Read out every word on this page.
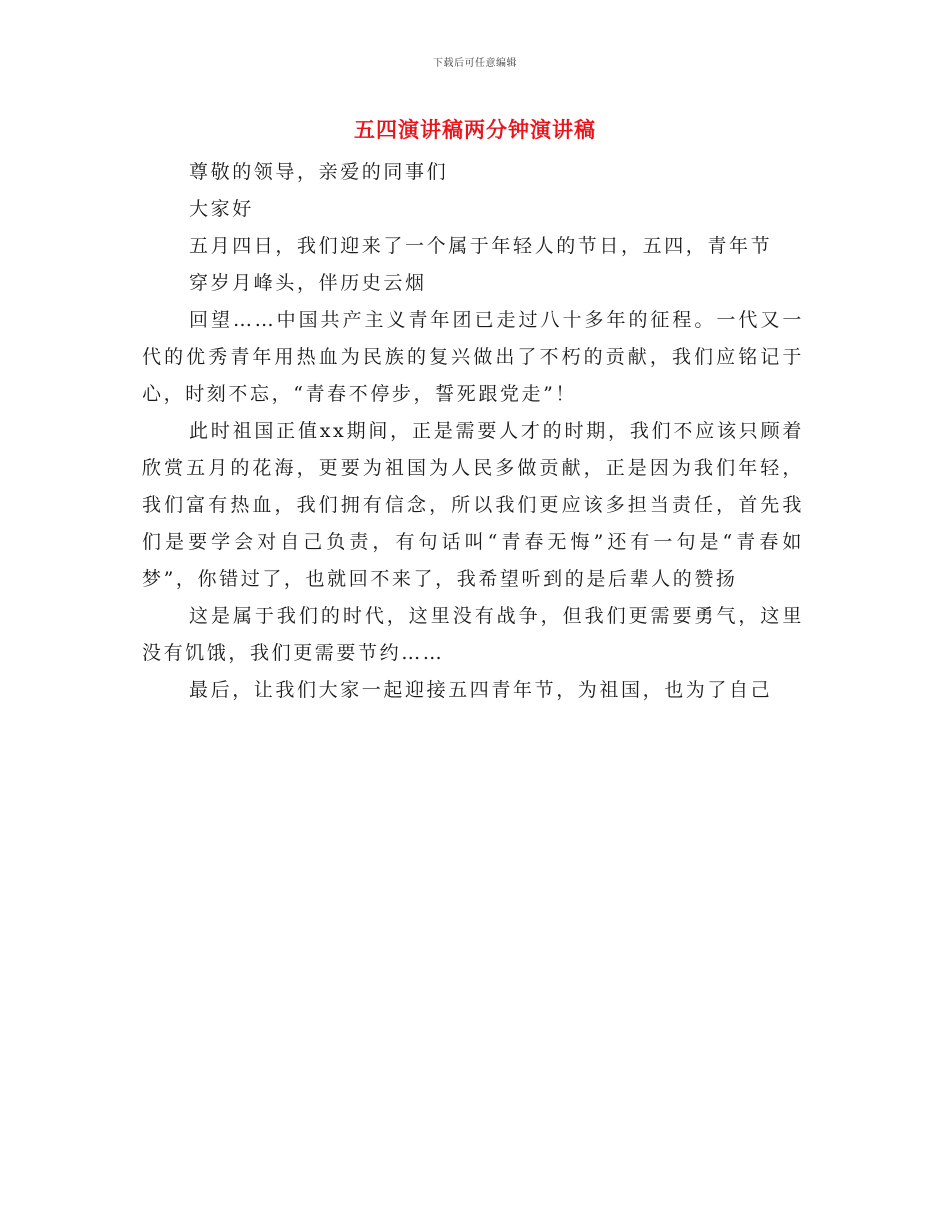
下载后可任意编辑
五四演讲稿两分钟演讲稿

尊敬的领导，亲爱的同事们

大家好

五月四日，我们迎来了一个属于年轻人的节日，五四，青年节

穿岁月峰头，伴历史云烟

回望……中国共产主义青年团已走过八十多年的征程。一代又一代的优秀青年用热血为民族的复兴做出了不朽的贡献，我们应铭记于心，时刻不忘，“青春不停步，誓死跟党走”！

此时祖国正值xx期间，正是需要人才的时期，我们不应该只顾着欣赏五月的花海，更要为祖国为人民多做贡献，正是因为我们年轻，我们富有热血，我们拥有信念，所以我们更应该多担当责任，首先我们是要学会对自己负责，有句话叫“青春无悔”还有一句是“青春如梦”，你错过了，也就回不来了，我希望听到的是后辈人的赞扬

这是属于我们的时代，这里没有战争，但我们更需要勇气，这里没有饥饿，我们更需要节约……

最后，让我们大家一起迎接五四青年节，为祖国，也为了自己
